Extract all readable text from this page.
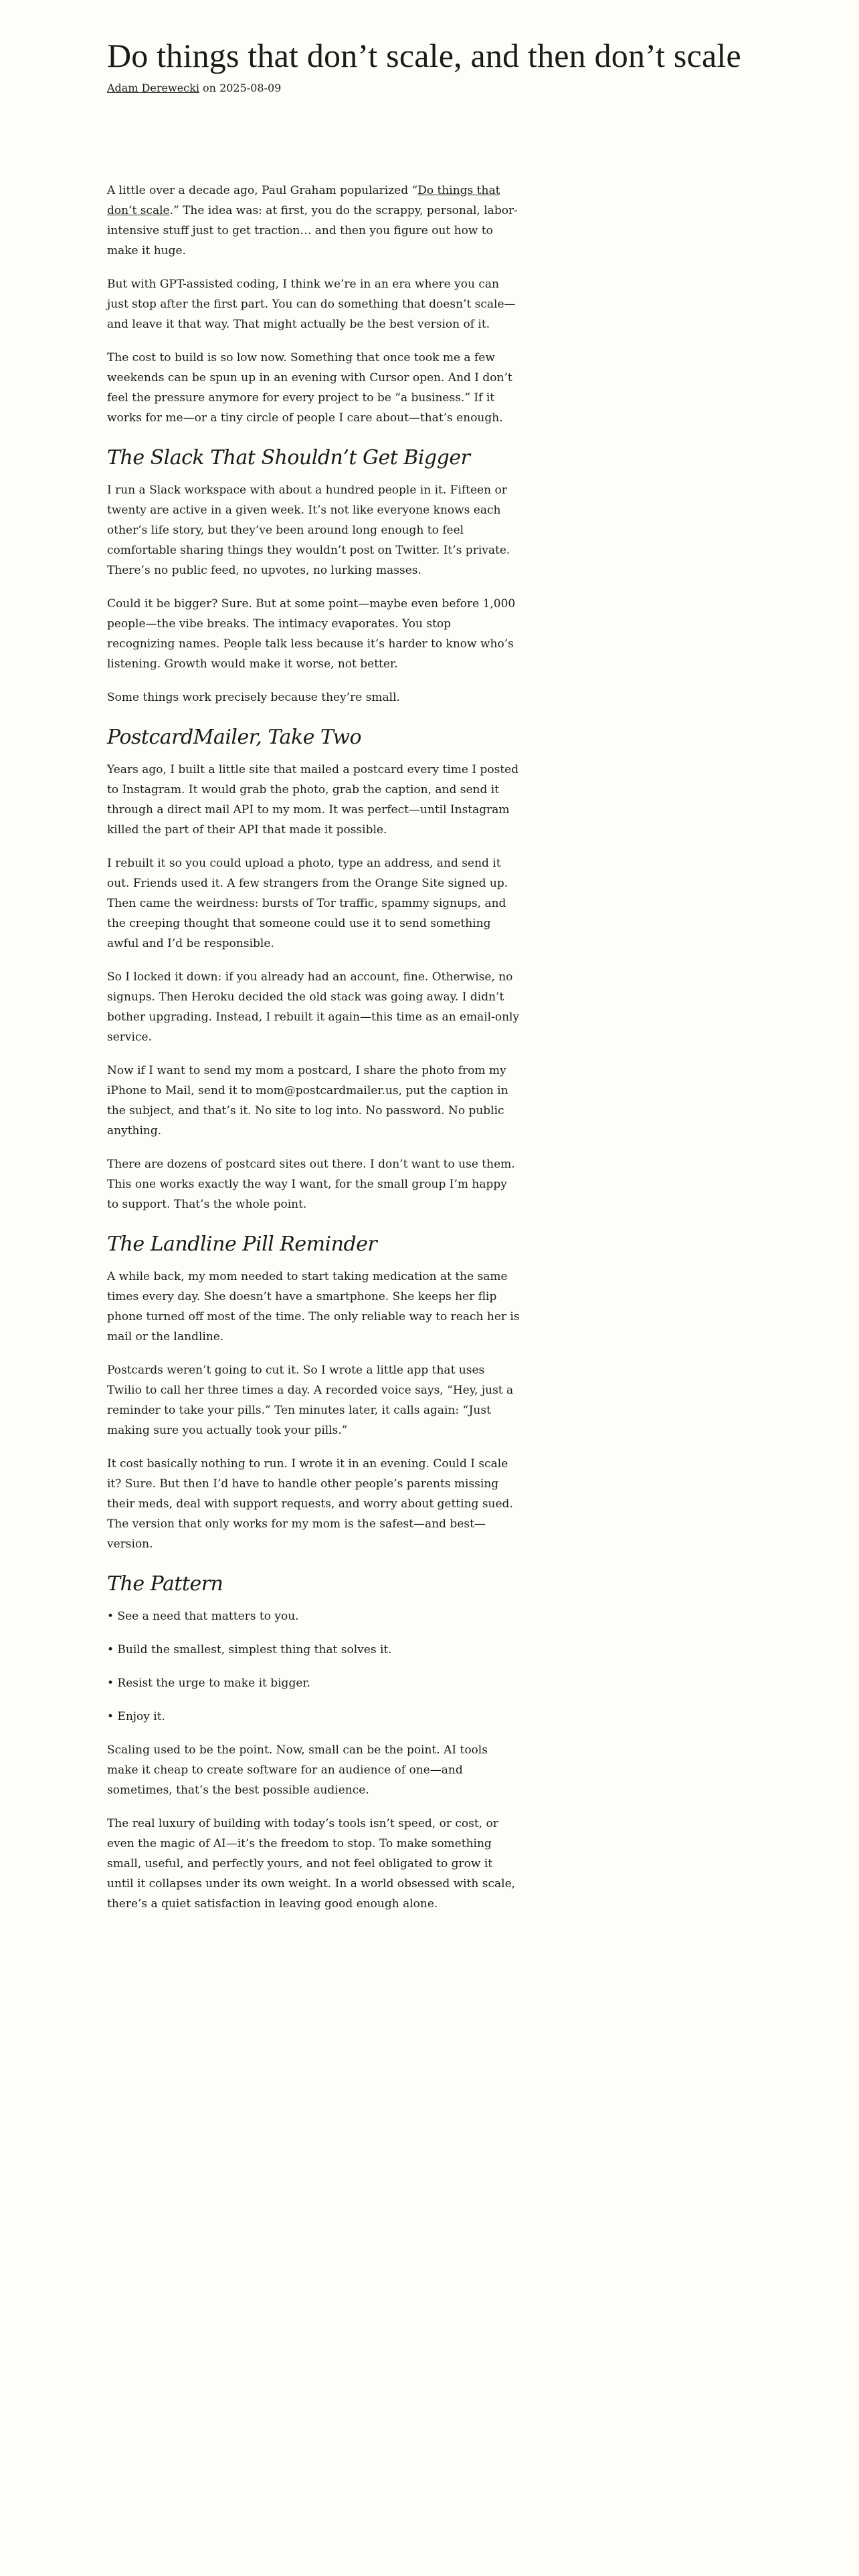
Do things that don’t scale, and then don’t scale
Adam Derewecki on 2025-08-09

A little over a decade ago, Paul Graham popularized “Do things that don’t scale.” The idea was: at first, you do the scrappy, personal, labor-intensive stuff just to get traction… and then you figure out how to make it huge.

But with GPT-assisted coding, I think we’re in an era where you can just stop after the first part. You can do something that doesn’t scale—and leave it that way. That might actually be the best version of it.

The cost to build is so low now. Something that once took me a few weekends can be spun up in an evening with Cursor open. And I don’t feel the pressure anymore for every project to be “a business.” If it works for me—or a tiny circle of people I care about—that’s enough.

The Slack That Shouldn’t Get Bigger

I run a Slack workspace with about a hundred people in it. Fifteen or twenty are active in a given week. It’s not like everyone knows each other’s life story, but they’ve been around long enough to feel comfortable sharing things they wouldn’t post on Twitter. It’s private. There’s no public feed, no upvotes, no lurking masses.

Could it be bigger? Sure. But at some point—maybe even before 1,000 people—the vibe breaks. The intimacy evaporates. You stop recognizing names. People talk less because it’s harder to know who’s listening. Growth would make it worse, not better.

Some things work precisely because they’re small.

PostcardMailer, Take Two

Years ago, I built a little site that mailed a postcard every time I posted to Instagram. It would grab the photo, grab the caption, and send it through a direct mail API to my mom. It was perfect—until Instagram killed the part of their API that made it possible.

I rebuilt it so you could upload a photo, type an address, and send it out. Friends used it. A few strangers from the Orange Site signed up. Then came the weirdness: bursts of Tor traffic, spammy signups, and the creeping thought that someone could use it to send something awful and I’d be responsible.

So I locked it down: if you already had an account, fine. Otherwise, no signups. Then Heroku decided the old stack was going away. I didn’t bother upgrading. Instead, I rebuilt it again—this time as an email-only service.

Now if I want to send my mom a postcard, I share the photo from my iPhone to Mail, send it to mom@postcardmailer.us, put the caption in the subject, and that’s it. No site to log into. No password. No public anything.

There are dozens of postcard sites out there. I don’t want to use them. This one works exactly the way I want, for the small group I’m happy to support. That’s the whole point.

The Landline Pill Reminder

A while back, my mom needed to start taking medication at the same times every day. She doesn’t have a smartphone. She keeps her flip phone turned off most of the time. The only reliable way to reach her is mail or the landline.

Postcards weren’t going to cut it. So I wrote a little app that uses Twilio to call her three times a day. A recorded voice says, “Hey, just a reminder to take your pills.” Ten minutes later, it calls again: “Just making sure you actually took your pills.”

It cost basically nothing to run. I wrote it in an evening. Could I scale it? Sure. But then I’d have to handle other people’s parents missing their meds, deal with support requests, and worry about getting sued. The version that only works for my mom is the safest—and best—version.

The Pattern

• See a need that matters to you.

• Build the smallest, simplest thing that solves it.

• Resist the urge to make it bigger.

• Enjoy it.

Scaling used to be the point. Now, small can be the point. AI tools make it cheap to create software for an audience of one—and sometimes, that’s the best possible audience.

The real luxury of building with today’s tools isn’t speed, or cost, or even the magic of AI—it’s the freedom to stop. To make something small, useful, and perfectly yours, and not feel obligated to grow it until it collapses under its own weight. In a world obsessed with scale, there’s a quiet satisfaction in leaving good enough alone.
